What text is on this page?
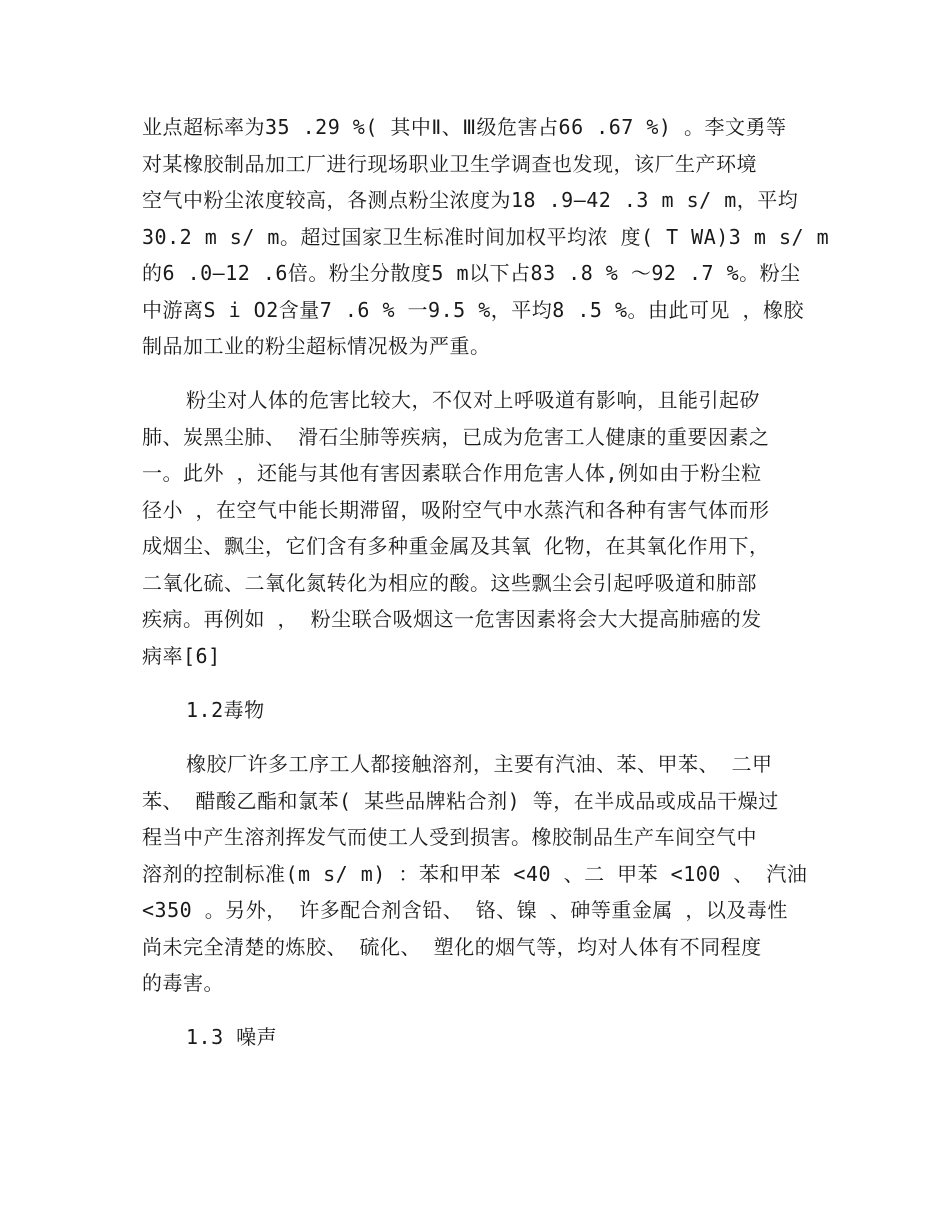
业点超标率为35 .29 %( 其中Ⅱ、Ⅲ级危害占66 .67 %) 。李文勇等
对某橡胶制品加工厂进行现场职业卫生学调查也发现，该厂生产环境
空气中粉尘浓度较高，各测点粉尘浓度为18 .9—42 .3 m s/ m，平均
30.2 m s/ m。超过国家卫生标准时间加权平均浓 度( T WA)3 m s/ m
的6 .0—12 .6倍。粉尘分散度5 m以下占83 .8 % ～92 .7 %。粉尘
中游离S i O2含量7 .6 % 一9.5 %，平均8 .5 %。由此可见 ，橡胶
制品加工业的粉尘超标情况极为严重。
粉尘对人体的危害比较大，不仅对上呼吸道有影响，且能引起矽
肺、炭黑尘肺、 滑石尘肺等疾病，已成为危害工人健康的重要因素之
一。此外 ，还能与其他有害因素联合作用危害人体,例如由于粉尘粒
径小 ，在空气中能长期滞留，吸附空气中水蒸汽和各种有害气体而形
成烟尘、飘尘，它们含有多种重金属及其氧 化物，在其氧化作用下，
二氧化硫、二氧化氮转化为相应的酸。这些飘尘会引起呼吸道和肺部
疾病。再例如 ， 粉尘联合吸烟这一危害因素将会大大提高肺癌的发
病率[6]
1.2毒物
橡胶厂许多工序工人都接触溶剂，主要有汽油、苯、甲苯、 二甲
苯、 醋酸乙酯和氯苯( 某些品牌粘合剂) 等，在半成品或成品干燥过
程当中产生溶剂挥发气而使工人受到损害。橡胶制品生产车间空气中
溶剂的控制标准(m s/ m) ：苯和甲苯 <40 、二 甲苯 <100 、 汽油
<350 。另外， 许多配合剂含铅、 铬、镍 、砷等重金属 ，以及毒性
尚未完全清楚的炼胶、 硫化、 塑化的烟气等，均对人体有不同程度
的毒害。
1.3 噪声
